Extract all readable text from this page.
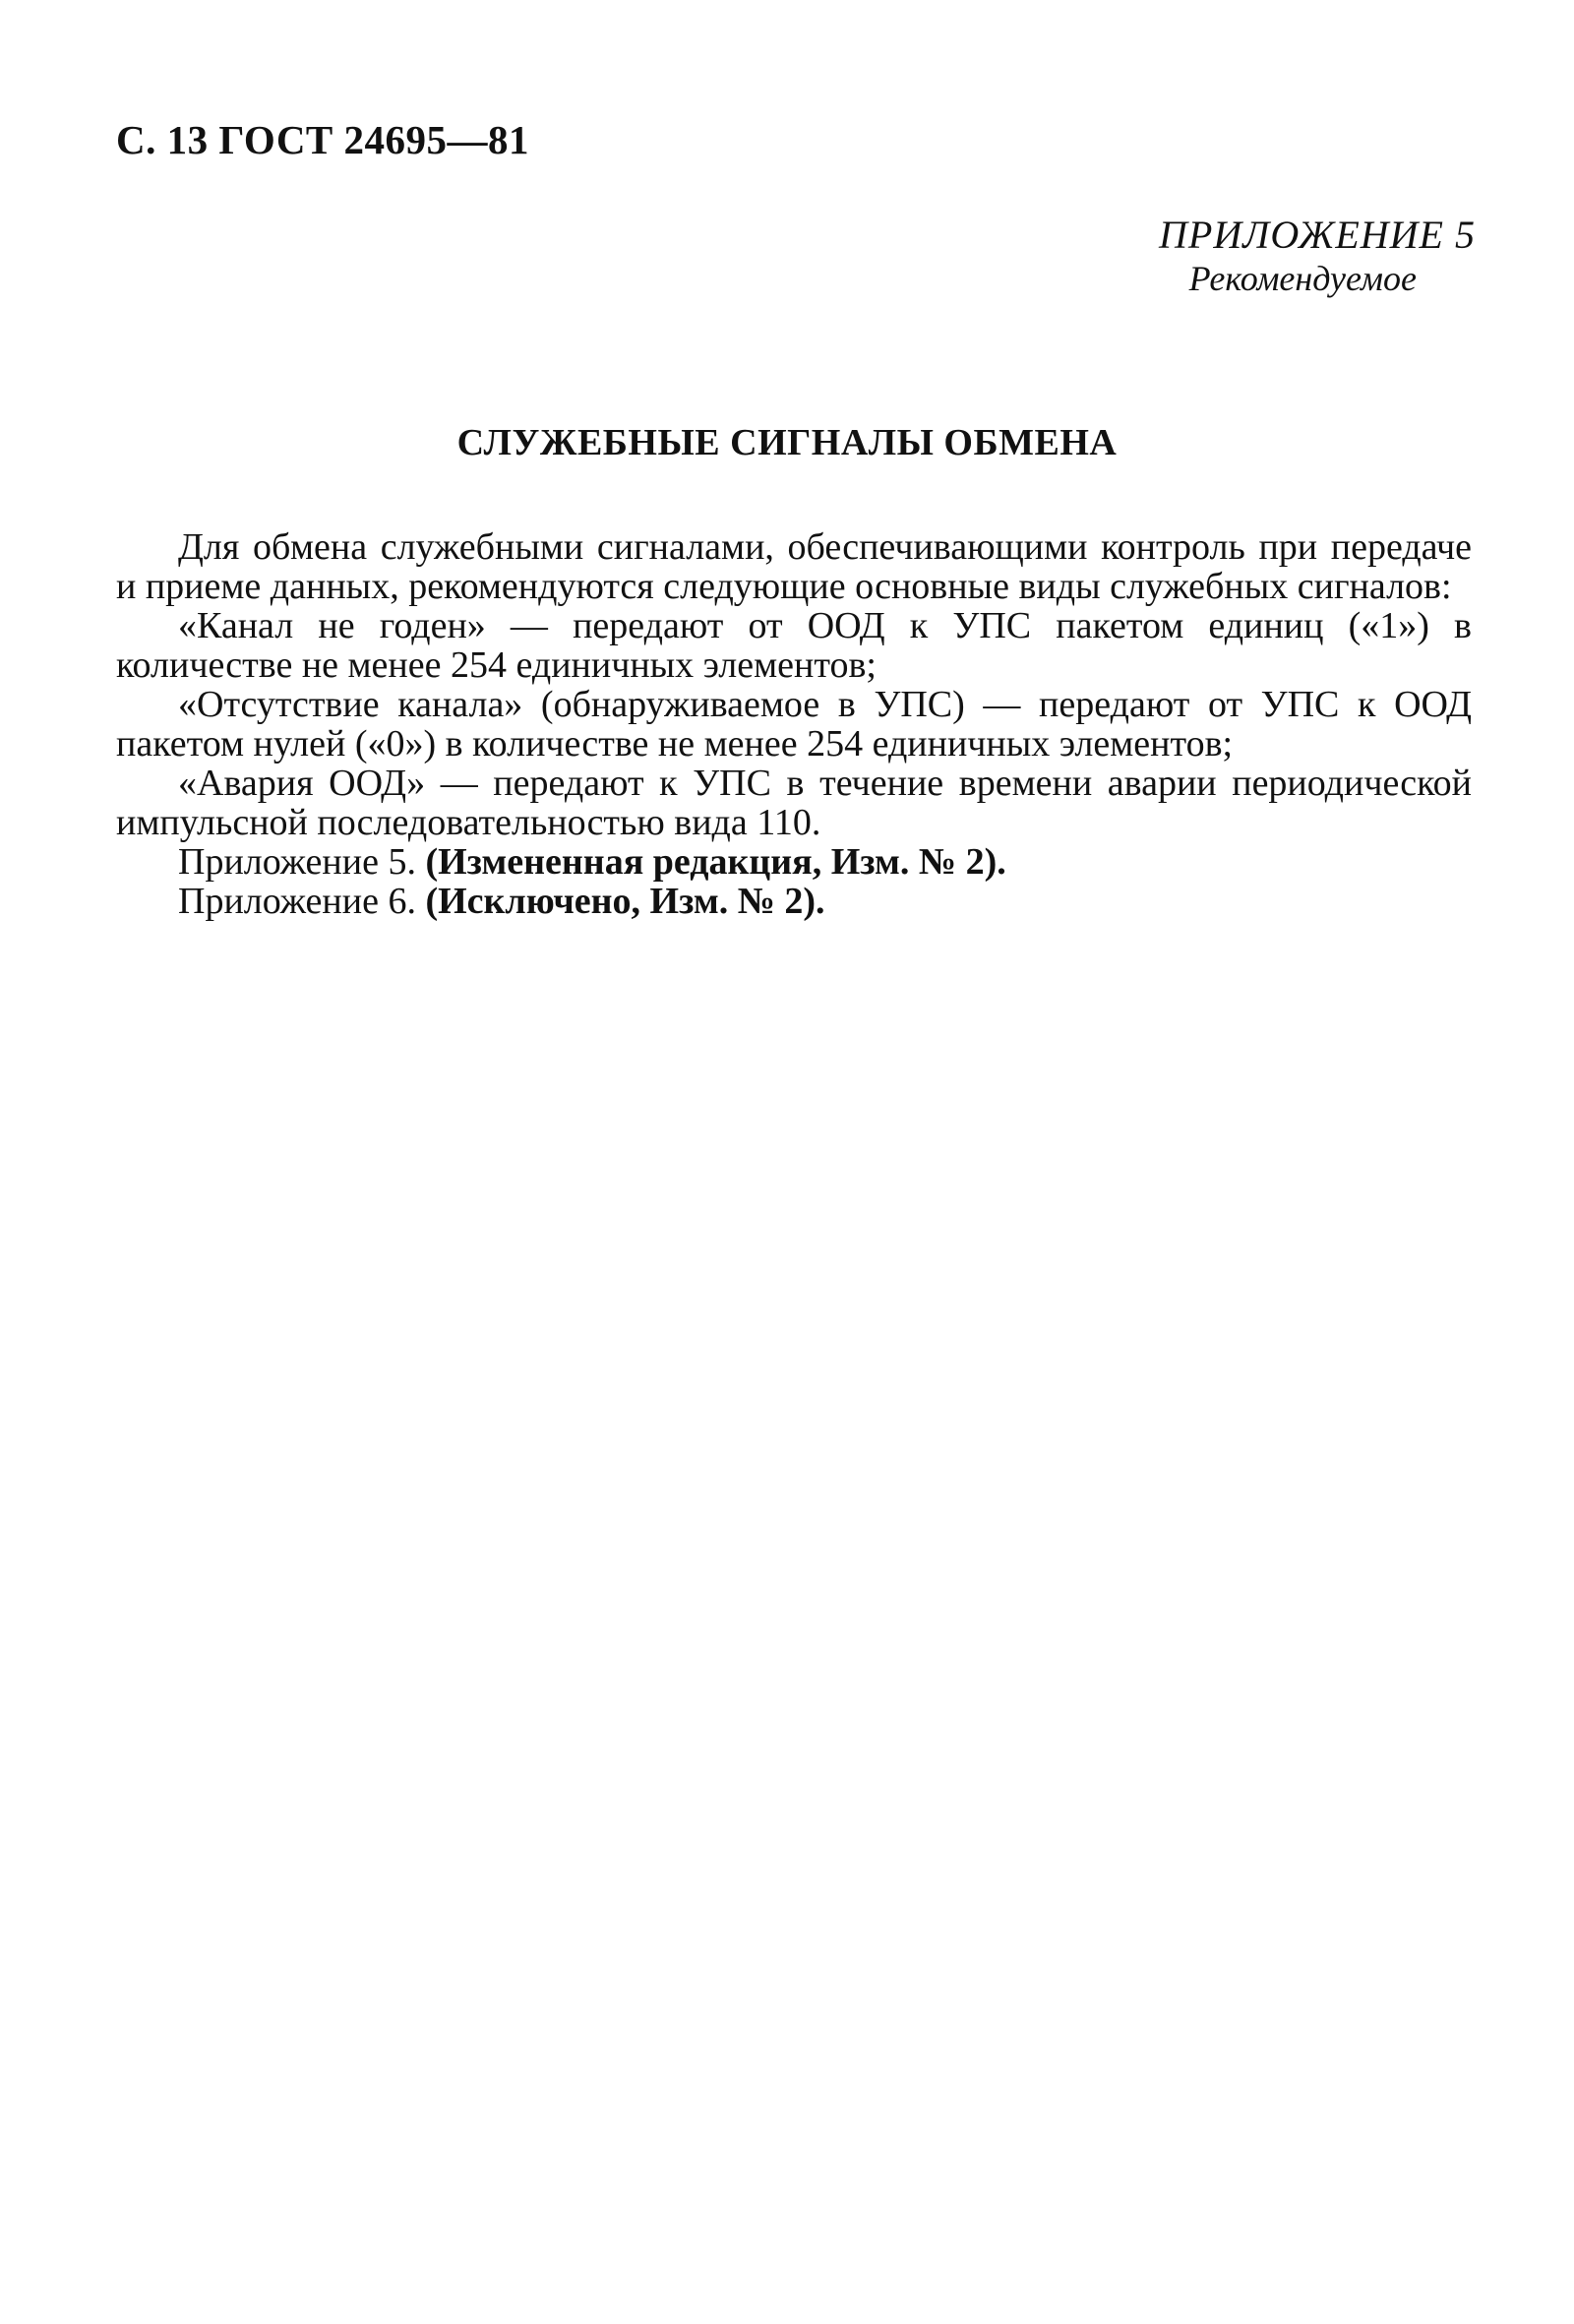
С. 13 ГОСТ 24695—81
ПРИЛОЖЕНИЕ 5
Рекомендуемое
СЛУЖЕБНЫЕ СИГНАЛЫ ОБМЕНА

Для обмена служебными сигналами, обеспечивающими контроль при передаче и приеме данных, рекомендуются следующие основные виды служебных сигналов:

«Канал не годен» — передают от ООД к УПС пакетом единиц («1») в количестве не менее 254 единичных элементов;

«Отсутствие канала» (обнаруживаемое в УПС) — передают от УПС к ООД пакетом нулей («0») в количестве не менее 254 единичных элементов;

«Авария ООД» — передают к УПС в течение времени аварии периодической импульсной последовательностью вида 110.

Приложение 5. (Измененная редакция, Изм. № 2).

Приложение 6. (Исключено, Изм. № 2).
